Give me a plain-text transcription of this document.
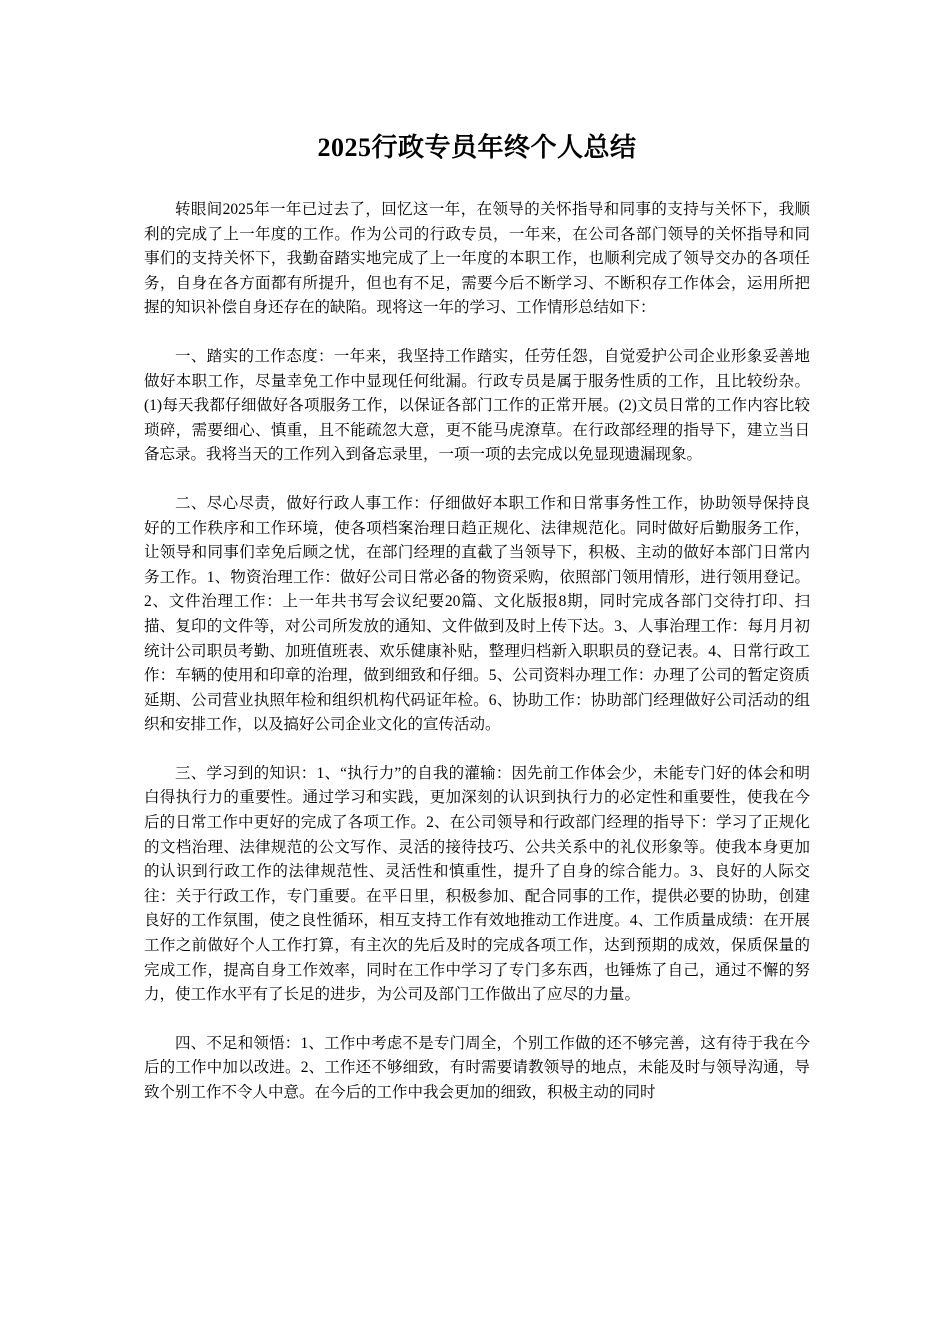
2025行政专员年终个人总结

转眼间2025年一年已过去了，回忆这一年，在领导的关怀指导和同事的支持与关怀下，我顺利的完成了上一年度的工作。作为公司的行政专员，一年来，在公司各部门领导的关怀指导和同事们的支持关怀下，我勤奋踏实地完成了上一年度的本职工作，也顺利完成了领导交办的各项任务，自身在各方面都有所提升，但也有不足，需要今后不断学习、不断积存工作体会，运用所把握的知识补偿自身还存在的缺陷。现将这一年的学习、工作情形总结如下：

一、踏实的工作态度：一年来，我坚持工作踏实，任劳任怨，自觉爱护公司企业形象妥善地做好本职工作，尽量幸免工作中显现任何纰漏。行政专员是属于服务性质的工作，且比较纷杂。(1)每天我都仔细做好各项服务工作，以保证各部门工作的正常开展。(2)文员日常的工作内容比较琐碎，需要细心、慎重，且不能疏忽大意，更不能马虎潦草。在行政部经理的指导下，建立当日备忘录。我将当天的工作列入到备忘录里，一项一项的去完成以免显现遗漏现象。

二、尽心尽责，做好行政人事工作：仔细做好本职工作和日常事务性工作，协助领导保持良好的工作秩序和工作环境，使各项档案治理日趋正规化、法律规范化。同时做好后勤服务工作，让领导和同事们幸免后顾之忧，在部门经理的直截了当领导下，积极、主动的做好本部门日常内务工作。1、物资治理工作：做好公司日常必备的物资采购，依照部门领用情形，进行领用登记。2、文件治理工作：上一年共书写会议纪要20篇、文化版报8期，同时完成各部门交待打印、扫描、复印的文件等，对公司所发放的通知、文件做到及时上传下达。3、人事治理工作：每月月初统计公司职员考勤、加班值班表、欢乐健康补贴，整理归档新入职职员的登记表。4、日常行政工作：车辆的使用和印章的治理，做到细致和仔细。5、公司资料办理工作：办理了公司的暂定资质延期、公司营业执照年检和组织机构代码证年检。6、协助工作：协助部门经理做好公司活动的组织和安排工作，以及搞好公司企业文化的宣传活动。

三、学习到的知识：1、“执行力”的自我的灌输：因先前工作体会少，未能专门好的体会和明白得执行力的重要性。通过学习和实践，更加深刻的认识到执行力的必定性和重要性，使我在今后的日常工作中更好的完成了各项工作。2、在公司领导和行政部门经理的指导下：学习了正规化的文档治理、法律规范的公文写作、灵活的接待技巧、公共关系中的礼仪形象等。使我本身更加的认识到行政工作的法律规范性、灵活性和慎重性，提升了自身的综合能力。3、良好的人际交往：关于行政工作，专门重要。在平日里，积极参加、配合同事的工作，提供必要的协助，创建良好的工作氛围，使之良性循环，相互支持工作有效地推动工作进度。4、工作质量成绩：在开展工作之前做好个人工作打算，有主次的先后及时的完成各项工作，达到预期的成效，保质保量的完成工作，提高自身工作效率，同时在工作中学习了专门多东西，也锤炼了自己，通过不懈的努力，使工作水平有了长足的进步，为公司及部门工作做出了应尽的力量。

四、不足和领悟：1、工作中考虑不是专门周全，个别工作做的还不够完善，这有待于我在今后的工作中加以改进。2、工作还不够细致，有时需要请教领导的地点，未能及时与领导沟通，导致个别工作不令人中意。在今后的工作中我会更加的细致，积极主动的同时
